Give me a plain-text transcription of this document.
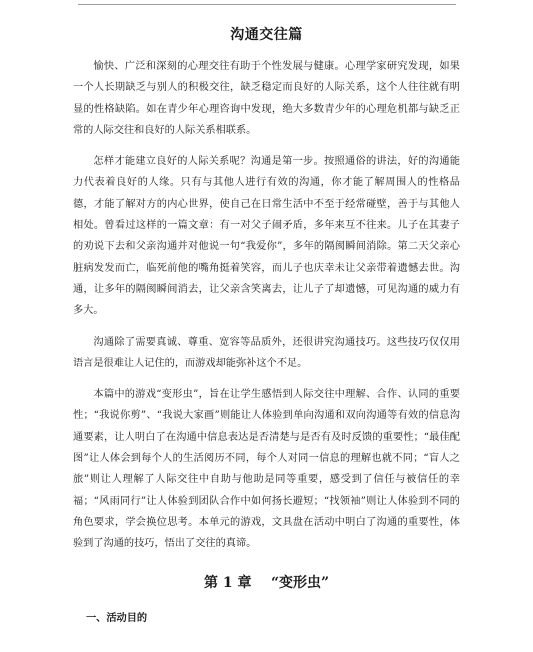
沟通交往篇

愉快、广泛和深刻的心理交往有助于个性发展与健康。心理学家研究发现，如果一个人长期缺乏与别人的积极交往，缺乏稳定而良好的人际关系，这个人往往就有明显的性格缺陷。如在青少年心理咨询中发现，绝大多数青少年的心理危机都与缺乏正常的人际交往和良好的人际关系相联系。

怎样才能建立良好的人际关系呢？沟通是第一步。按照通俗的讲法，好的沟通能力代表着良好的人缘。只有与其他人进行有效的沟通，你才能了解周围人的性格品德，才能了解对方的内心世界，使自己在日常生活中不至于经常碰壁，善于与其他人相处。曾看过这样的一篇文章：有一对父子闹矛盾，多年来互不往来。儿子在其妻子的劝说下去和父亲沟通并对他说一句“我爱你”，多年的隔阂瞬间消除。第二天父亲心脏病发发而亡，临死前他的嘴角挺着笑容，而儿子也庆幸未让父亲带着遗憾去世。沟通，让多年的隔阂瞬间消去，让父亲含笑离去，让儿子了却遗憾，可见沟通的威力有多大。

沟通除了需要真诚、尊重、宽容等品质外，还很讲究沟通技巧。这些技巧仅仅用语言是很难让人记住的，而游戏却能弥补这个不足。

本篇中的游戏“变形虫”，旨在让学生感悟到人际交往中理解、合作、认同的重要性；“我说你剪”、“我说大家画”则能让人体验到单向沟通和双向沟通等有效的信息沟通要素，让人明白了在沟通中信息表达是否清楚与是否有及时反馈的重要性；“最佳配图”让人体会到每个人的生活阅历不同，每个人对同一信息的理解也就不同；“盲人之旅”则让人理解了人际交往中自助与他助是同等重要，感受到了信任与被信任的幸福；“风雨同行”让人体验到团队合作中如何扬长避短；“找领袖”则让人体验到不同的角色要求，学会换位思考。本单元的游戏，文具盘在活动中明白了沟通的重要性，体验到了沟通的技巧，悟出了交往的真谛。

第 1 章    “变形虫”
一、活动目的
